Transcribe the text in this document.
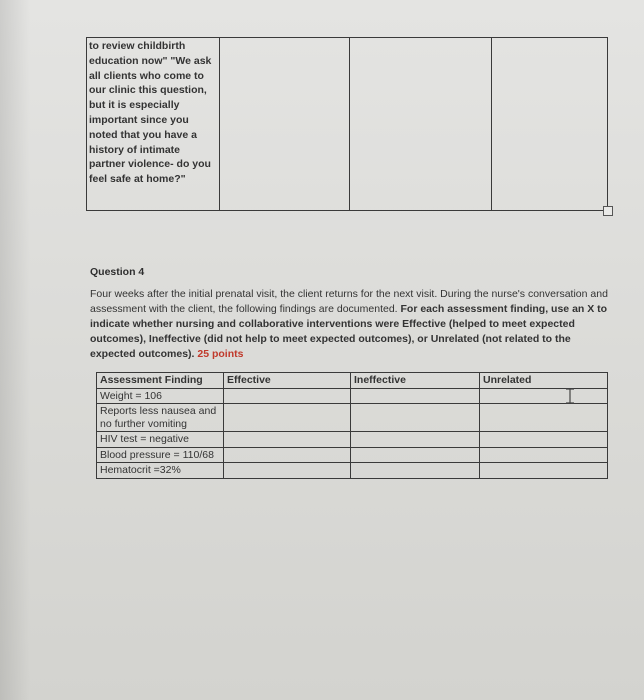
to review childbirth education now" "We ask all clients who come to our clinic this question, but it is especially important since you noted that you have a history of intimate partner violence- do you feel safe at home?"			
Question 4
Four weeks after the initial prenatal visit, the client returns for the next visit. During the nurse's conversation and assessment with the client, the following findings are documented. For each assessment finding, use an X to indicate whether nursing and collaborative interventions were Effective (helped to meet expected outcomes), Ineffective (did not help to meet expected outcomes), or Unrelated (not related to the expected outcomes). 25 points
Assessment Finding	Effective	Ineffective	Unrelated
Weight = 106			
Reports less nausea and no further vomiting			
HIV test = negative			
Blood pressure = 110/68			
Hematocrit =32%			
